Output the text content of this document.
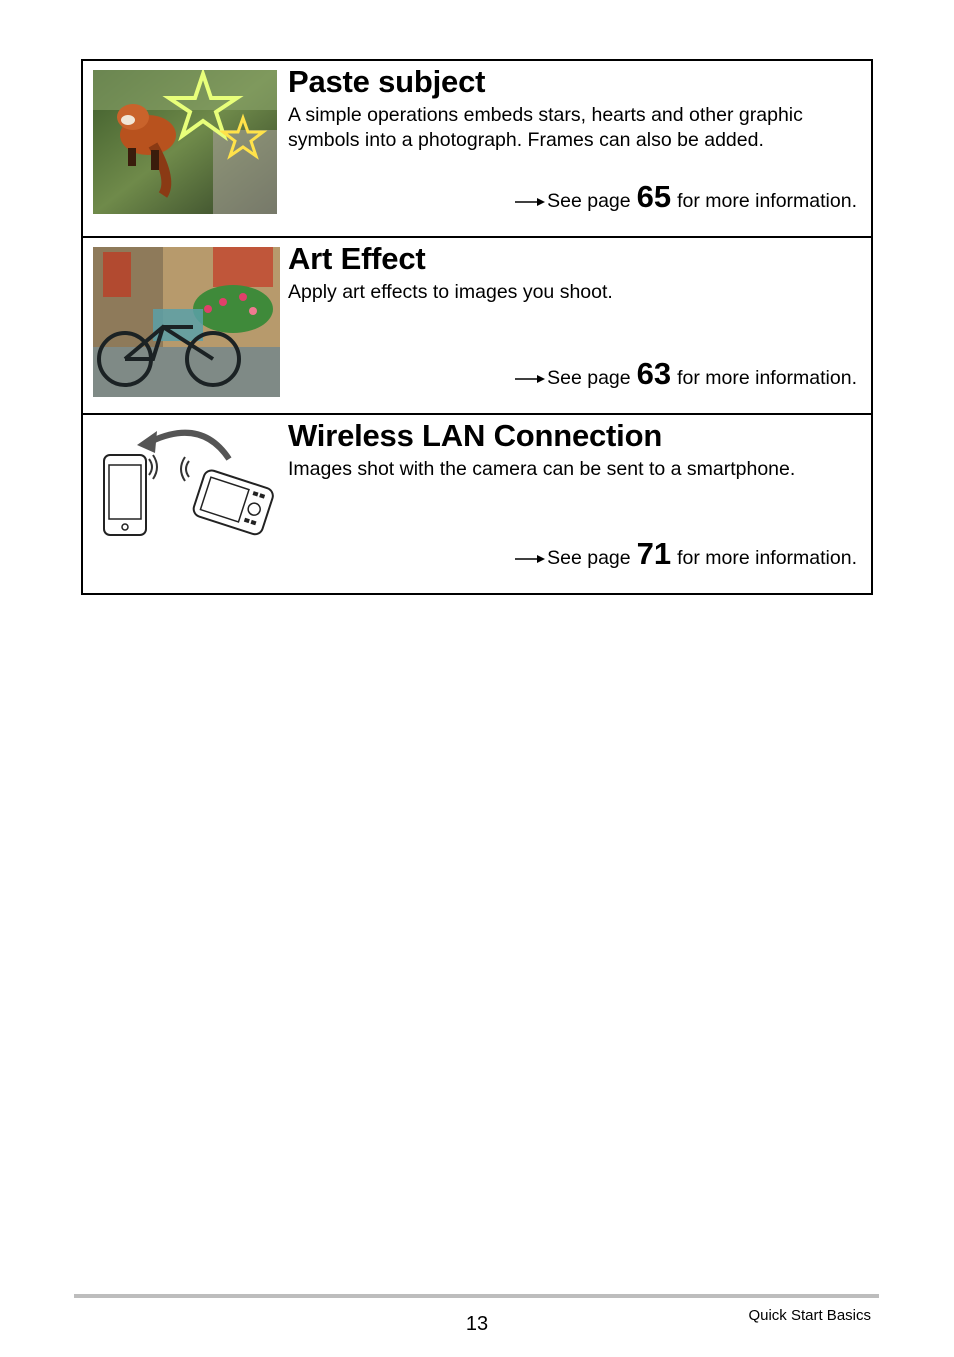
Paste subject
A simple operations embeds stars, hearts and other graphic symbols into a photograph. Frames can also be added.
See page 65 for more information.
Art Effect
Apply art effects to images you shoot.
See page 63 for more information.
Wireless LAN Connection
Images shot with the camera can be sent to a smartphone.
See page 71 for more information.
13	Quick Start Basics
